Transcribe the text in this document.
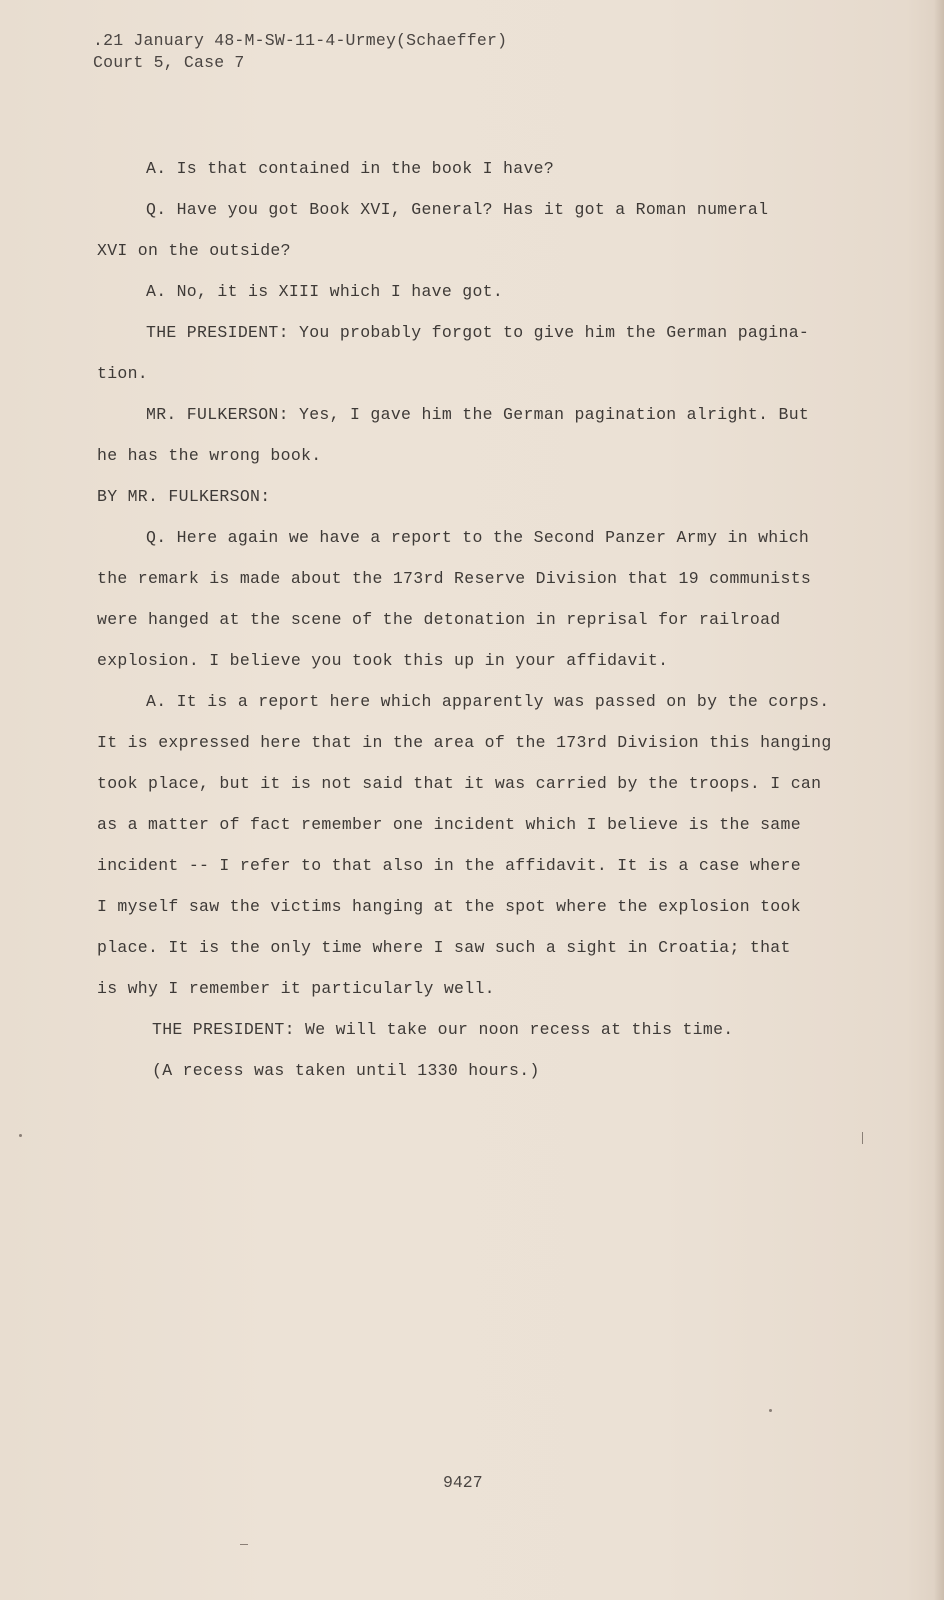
.21 January 48-M-SW-11-4-Urmey(Schaeffer)
Court 5, Case 7
A. Is that contained in the book I have?
Q. Have you got Book XVI, General? Has it got a Roman numeral
XVI on the outside?
A. No, it is XIII which I have got.
THE PRESIDENT: You probably forgot to give him the German pagina-
tion.
MR. FULKERSON: Yes, I gave him the German pagination alright. But
he has the wrong book.
BY MR. FULKERSON:
Q. Here again we have a report to the Second Panzer Army in which
the remark is made about the 173rd Reserve Division that 19 communists
were hanged at the scene of the detonation in reprisal for railroad
explosion. I believe you took this up in your affidavit.
A. It is a report here which apparently was passed on by the corps.
It is expressed here that in the area of the 173rd Division this hanging
took place, but it is not said that it was carried by the troops. I can
as a matter of fact remember one incident which I believe is the same
incident -- I refer to that also in the affidavit. It is a case where
I myself saw the victims hanging at the spot where the explosion took
place. It is the only time where I saw such a sight in Croatia; that
is why I remember it particularly well.
THE PRESIDENT: We will take our noon recess at this time.
(A recess was taken until 1330 hours.)
9427
